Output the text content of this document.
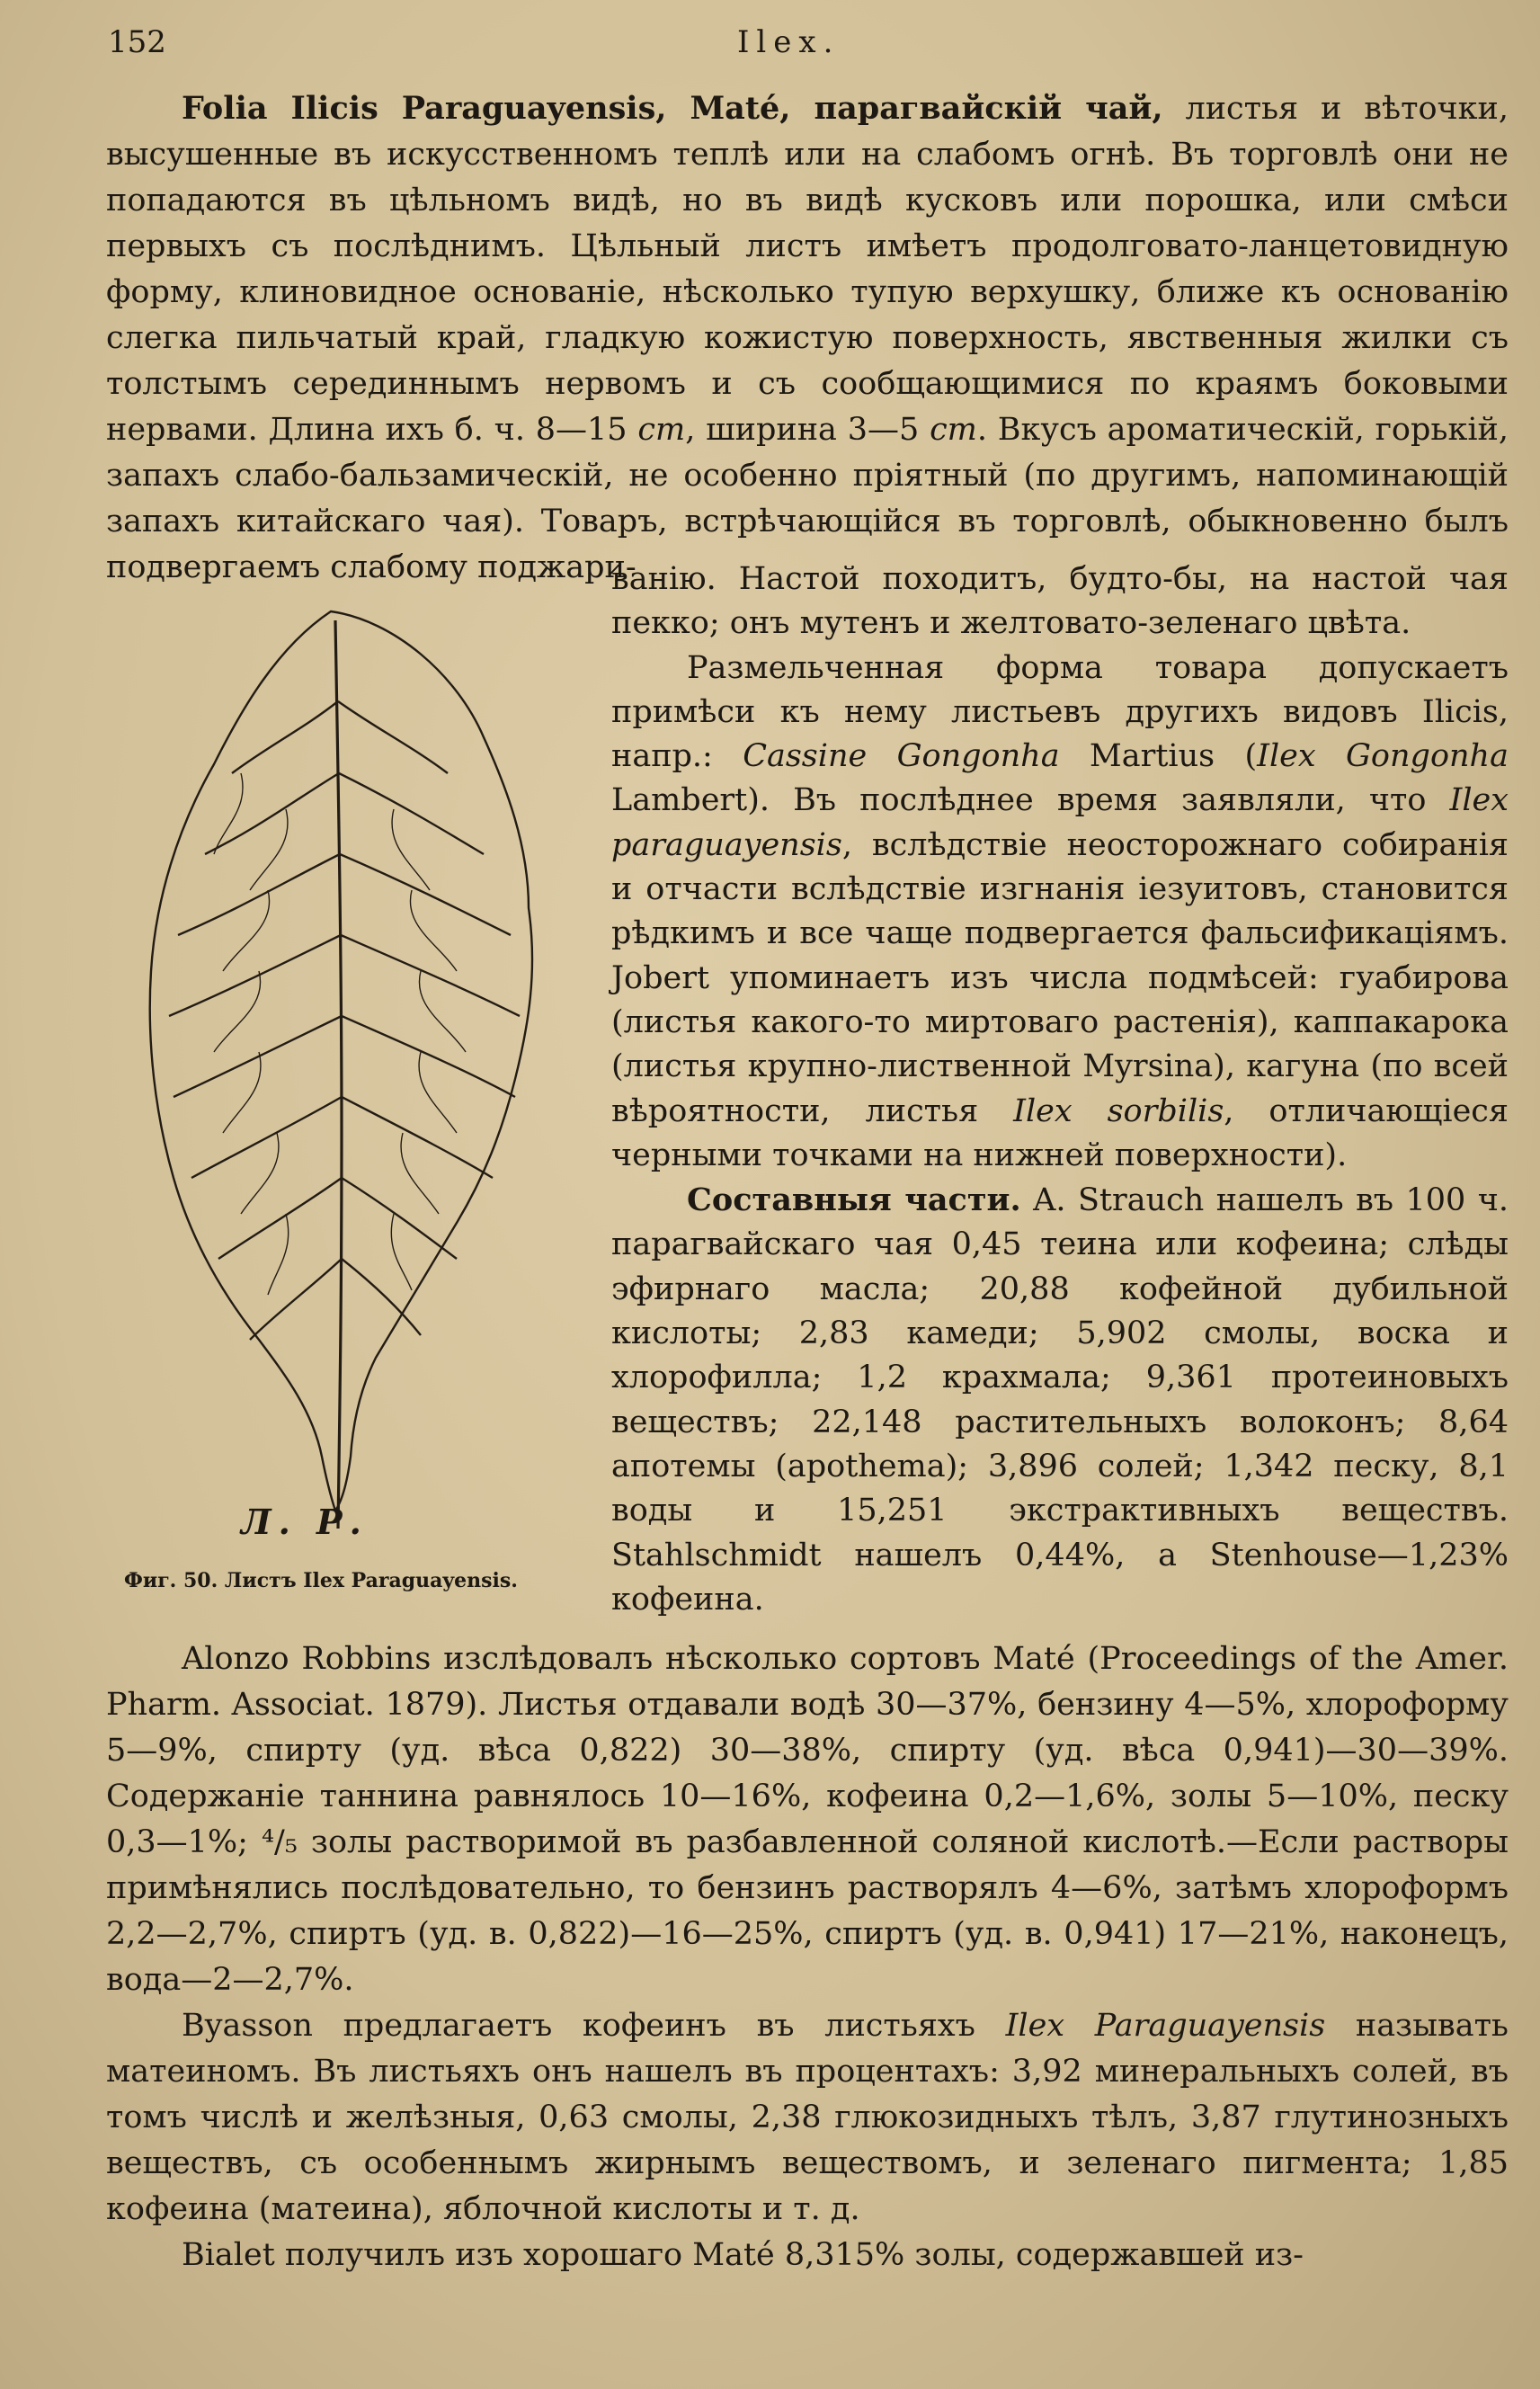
152	Ilex.

Folia Ilicis Paraguayensis, Maté, парагвайскій чай, листья и вѣточки, высушенные въ искусственномъ теплѣ или на слабомъ огнѣ. Въ торговлѣ они не попадаются въ цѣльномъ видѣ, но въ видѣ кусковъ или порошка, или смѣси первыхъ съ послѣднимъ. Цѣльный листъ имѣетъ продолговато-ланцетовидную форму, клиновидное основаніе, нѣсколько тупую верхушку, ближе къ основанію слегка пильчатый край, гладкую кожистую поверхность, явственныя жилки съ толстымъ серединнымъ нервомъ и съ сообщающимися по краямъ боковыми нервами. Длина ихъ б. ч. 8—15 cm, ширина 3—5 cm. Вкусъ ароматическій, горькій, запахъ слабо-бальзамическій, не особенно пріятный (по другимъ, напоминающій запахъ китайскаго чая). Товаръ, встрѣчающійся въ торговлѣ, обыкновенно былъ подвергаемъ слабому поджари-

Л. Р.
Фиг. 50. Листъ Ilex Paraguayensis.

ванію. Настой походитъ, будто-бы, на настой чая пекко; онъ мутенъ и желтовато-зеленаго цвѣта.

Размельченная форма товара допускаетъ примѣси къ нему листьевъ другихъ видовъ Ilicis, напр.: Cassine Gongonha Martius (Ilex Gongonha Lambert). Въ послѣднее время заявляли, что Ilex paraguayensis, вслѣдствіе неосторожнаго собиранія и отчасти вслѣдствіе изгнанія іезуитовъ, становится рѣдкимъ и все чаще подвергается фальсификаціямъ. Jobert упоминаетъ изъ числа подмѣсей: гуабирова (листья какого-то миртоваго растенія), каппакарока (листья крупно-лиственной Myrsina), кагуна (по всей вѣроятности, листья Ilex sorbilis, отличающіеся черными точками на нижней поверхности).

Составныя части. A. Strauch нашелъ въ 100 ч. парагвайскаго чая 0,45 теина или кофеина; слѣды эфирнаго масла; 20,88 кофейной дубильной кислоты; 2,83 камеди; 5,902 смолы, воска и хлорофилла; 1,2 крахмала; 9,361 протеиновыхъ веществъ; 22,148 растительныхъ волоконъ; 8,64 апотемы (apothema); 3,896 солей; 1,342 песку, 8,1 воды и 15,251 экстрактивныхъ веществъ. Stahlschmidt нашелъ 0,44%, а Stenhouse—1,23% кофеина.

Alonzo Robbins изслѣдовалъ нѣсколько сортовъ Maté (Proceedings of the Amer. Pharm. Associat. 1879). Листья отдавали водѣ 30—37%, бензину 4—5%, хлороформу 5—9%, спирту (уд. вѣса 0,822) 30—38%, спирту (уд. вѣса 0,941)—30—39%. Содержаніе таннина равнялось 10—16%, кофеина 0,2—1,6%, золы 5—10%, песку 0,3—1%; ⁴/₅ золы растворимой въ разбавленной соляной кислотѣ.—Если растворы примѣнялись послѣдовательно, то бензинъ растворялъ 4—6%, затѣмъ хлороформъ 2,2—2,7%, спиртъ (уд. в. 0,822)—16—25%, спиртъ (уд. в. 0,941) 17—21%, наконецъ, вода—2—2,7%.

Byasson предлагаетъ кофеинъ въ листьяхъ Ilex Paraguayensis называть матеиномъ. Въ листьяхъ онъ нашелъ въ процентахъ: 3,92 минеральныхъ солей, въ томъ числѣ и желѣзныя, 0,63 смолы, 2,38 глюкозидныхъ тѣлъ, 3,87 глутинозныхъ веществъ, съ особеннымъ жирнымъ веществомъ, и зеленаго пигмента; 1,85 кофеина (матеина), яблочной кислоты и т. д.

Bialet получилъ изъ хорошаго Maté 8,315% золы, содержавшей из-
